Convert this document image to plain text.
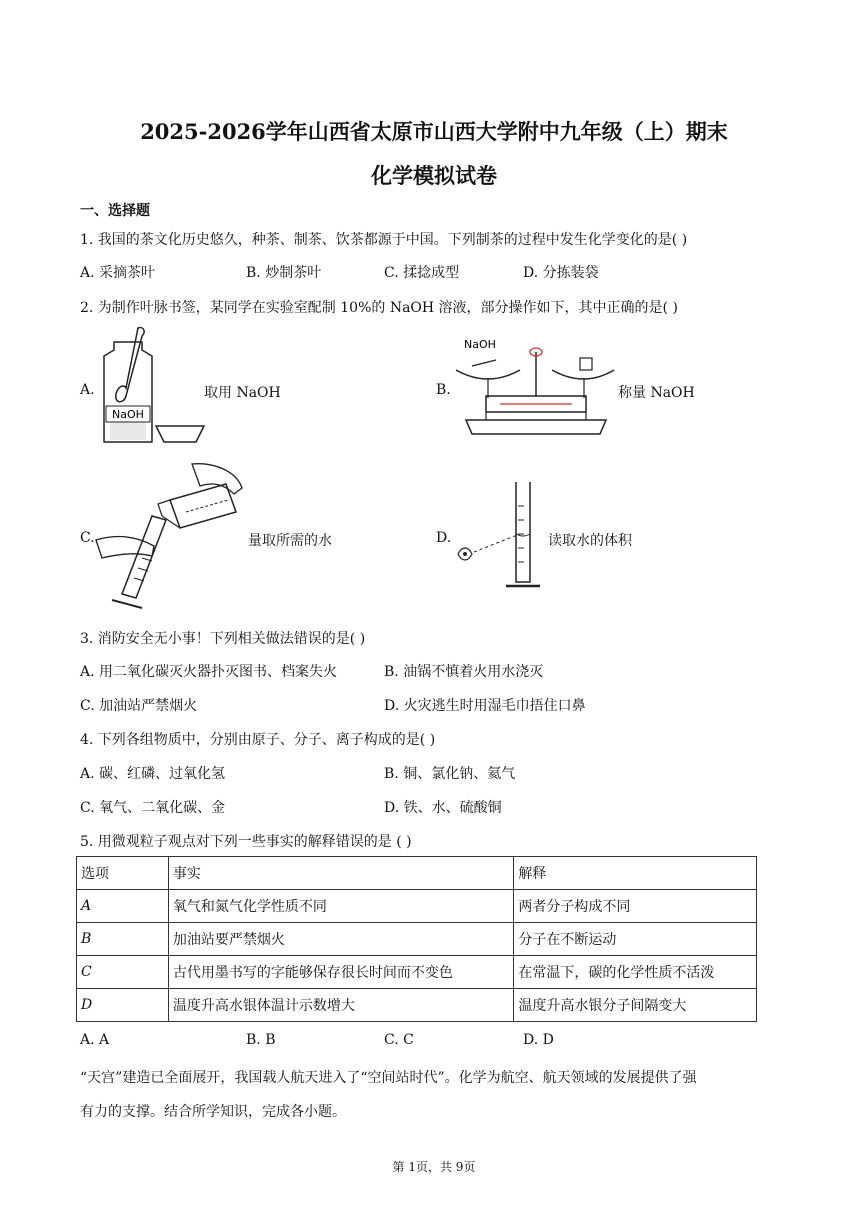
2025-2026学年山西省太原市山西大学附中九年级（上）期末
化学模拟试卷
一、选择题
1. 我国的茶文化历史悠久，种茶、制茶、饮茶都源于中国。下列制茶的过程中发生化学变化的是( )
A. 采摘茶叶	B. 炒制茶叶	C. 揉捻成型	D. 分拣装袋
2. 为制作叶脉书签，某同学在实验室配制 10%的 NaOH 溶液，部分操作如下，其中正确的是( )
A.
NaOH
取用 NaOH	B.
NaOH
称量 NaOH
C.	量取所需的水	D.	读取水的体积
3. 消防安全无小事！下列相关做法错误的是( )
A. 用二氧化碳灭火器扑灭图书、档案失火	B. 油锅不慎着火用水浇灭
C. 加油站严禁烟火	D. 火灾逃生时用湿毛巾捂住口鼻
4. 下列各组物质中，分别由原子、分子、离子构成的是( )
A. 碳、红磷、过氧化氢	B. 铜、氯化钠、氦气
C. 氧气、二氧化碳、金	D. 铁、水、硫酸铜
5. 用微观粒子观点对下列一些事实的解释错误的是 ( )
选项	事实	解释
A	氧气和氮气化学性质不同	两者分子构成不同
B	加油站要严禁烟火	分子在不断运动
C	古代用墨书写的字能够保存很长时间而不变色	在常温下，碳的化学性质不活泼
D	温度升高水银体温计示数增大	温度升高水银分子间隔变大
A. A	B. B	C. C	D. D
“天宫”建造已全面展开，我国载人航天进入了“空间站时代”。化学为航空、航天领域的发展提供了强
有力的支撑。结合所学知识，完成各小题。
第 1页，共 9页
